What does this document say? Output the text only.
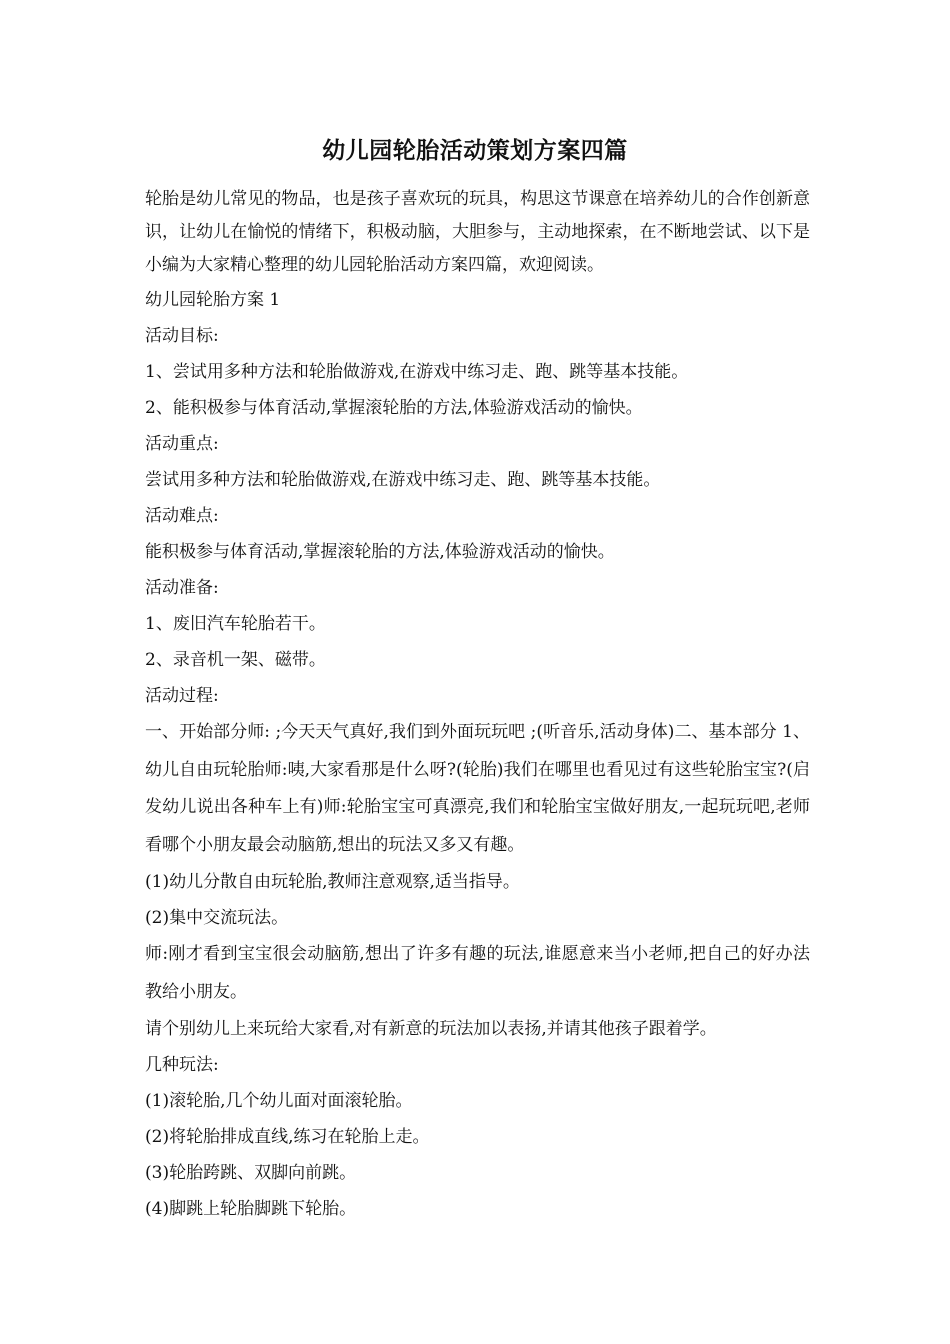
幼儿园轮胎活动策划方案四篇

轮胎是幼儿常见的物品，也是孩子喜欢玩的玩具，构思这节课意在培养幼儿的合作创新意识，让幼儿在愉悦的情绪下，积极动脑，大胆参与，主动地探索，在不断地尝试、以下是小编为大家精心整理的幼儿园轮胎活动方案四篇，欢迎阅读。

幼儿园轮胎方案 1

活动目标:

1、尝试用多种方法和轮胎做游戏,在游戏中练习走、跑、跳等基本技能。

2、能积极参与体育活动,掌握滚轮胎的方法,体验游戏活动的愉快。

活动重点:

尝试用多种方法和轮胎做游戏,在游戏中练习走、跑、跳等基本技能。

活动难点:

能积极参与体育活动,掌握滚轮胎的方法,体验游戏活动的愉快。

活动准备:

1、废旧汽车轮胎若干。

2、录音机一架、磁带。

活动过程:

一、开始部分师: ;今天天气真好,我们到外面玩玩吧 ;(听音乐,活动身体)二、基本部分 1、幼儿自由玩轮胎师:咦,大家看那是什么呀?(轮胎)我们在哪里也看见过有这些轮胎宝宝?(启发幼儿说出各种车上有)师:轮胎宝宝可真漂亮,我们和轮胎宝宝做好朋友,一起玩玩吧,老师看哪个小朋友最会动脑筋,想出的玩法又多又有趣。

(1)幼儿分散自由玩轮胎,教师注意观察,适当指导。

(2)集中交流玩法。

师:刚才看到宝宝很会动脑筋,想出了许多有趣的玩法,谁愿意来当小老师,把自己的好办法教给小朋友。

请个别幼儿上来玩给大家看,对有新意的玩法加以表扬,并请其他孩子跟着学。

几种玩法:

(1)滚轮胎,几个幼儿面对面滚轮胎。

(2)将轮胎排成直线,练习在轮胎上走。

(3)轮胎跨跳、双脚向前跳。

(4)脚跳上轮胎脚跳下轮胎。
